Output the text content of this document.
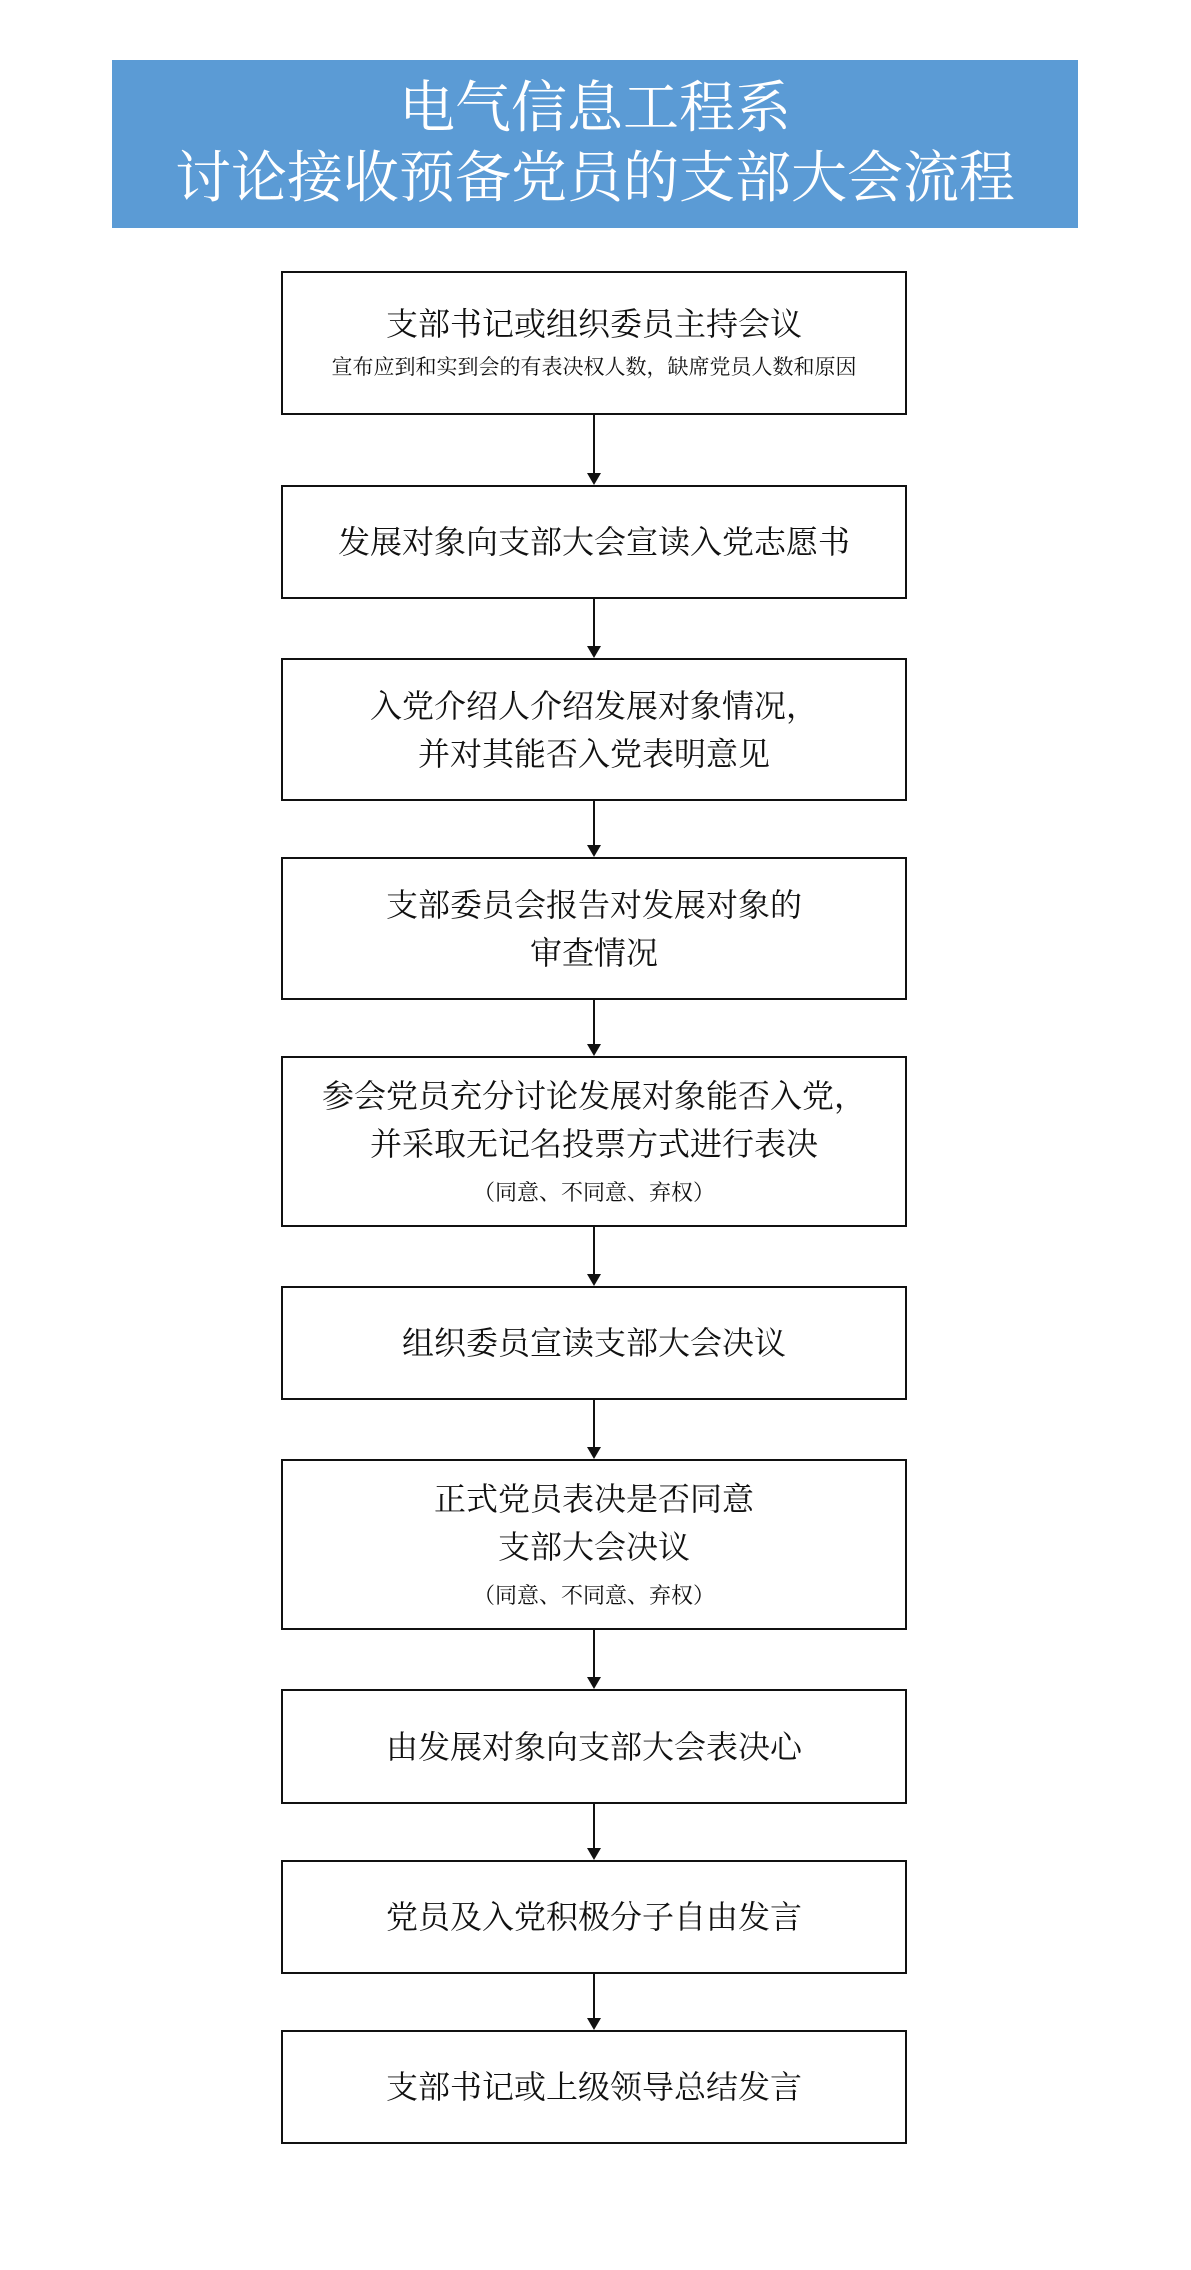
电气信息工程系
讨论接收预备党员的支部大会流程
支部书记或组织委员主持会议
宣布应到和实到会的有表决权人数，缺席党员人数和原因
发展对象向支部大会宣读入党志愿书
入党介绍人介绍发展对象情况，
并对其能否入党表明意见
支部委员会报告对发展对象的
审查情况
参会党员充分讨论发展对象能否入党，
并采取无记名投票方式进行表决
（同意、不同意、弃权）
组织委员宣读支部大会决议
正式党员表决是否同意
支部大会决议
（同意、不同意、弃权）
由发展对象向支部大会表决心
党员及入党积极分子自由发言
支部书记或上级领导总结发言
